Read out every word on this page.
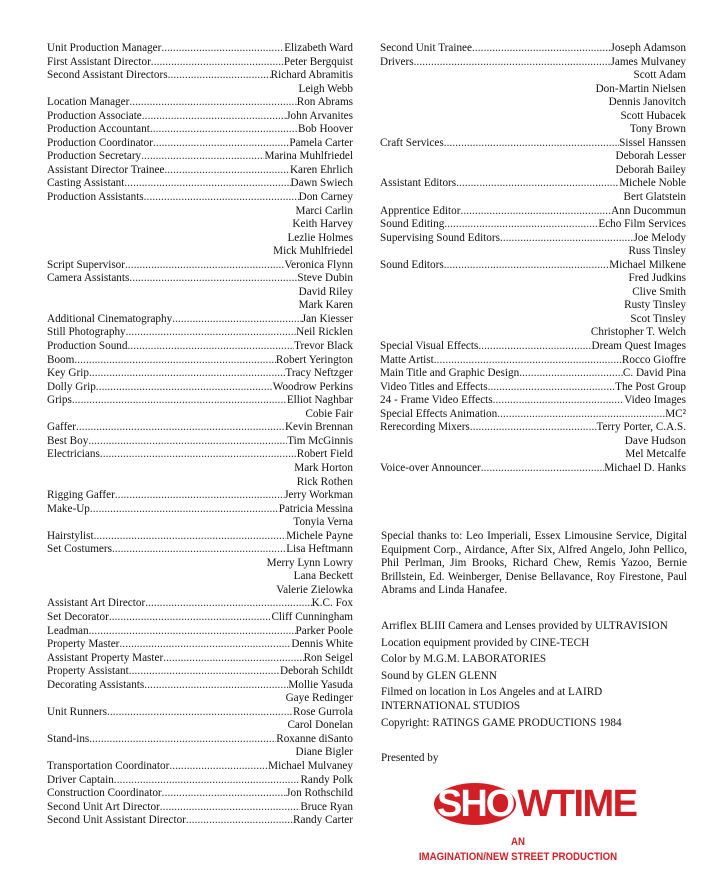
Unit Production Manager .....	Elizabeth Ward
First Assistant Director .....	Peter Bergquist
Second Assistant Directors .....	Richard Abramitis
Leigh Webb
Location Manager .....	Ron Abrams
Production Associate .....	John Arvanites
Production Accountant .....	Bob Hoover
Production Coordinator .....	Pamela Carter
Production Secretary .....	Marina Muhlfriedel
Assistant Director Trainee .....	Karen Ehrlich
Casting Assistant .....	Dawn Swiech
Production Assistants .....	Don Carney
Marci Carlin
Keith Harvey
Lezlie Holmes
Mick Muhlfriedel
Script Supervisor .....	Veronica Flynn
Camera Assistants .....	Steve Dubin
David Riley
Mark Karen
Additional Cinematography .....	Jan Kiesser
Still Photography .....	Neil Ricklen
Production Sound .....	Trevor Black
Boom .....	Robert Yerington
Key Grip .....	Tracy Neftzger
Dolly Grip .....	Woodrow Perkins
Grips .....	Elliot Naghbar
Cobie Fair
Gaffer .....	Kevin Brennan
Best Boy .....	Tim McGinnis
Electricians .....	Robert Field
Mark Horton
Rick Rothen
Rigging Gaffer .....	Jerry Workman
Make-Up .....	Patricia Messina
Tonyia Verna
Hairstylist .....	Michele Payne
Set Costumers .....	Lisa Heftmann
Merry Lynn Lowry
Lana Beckett
Valerie Zielowka
Assistant Art Director .....	K.C. Fox
Set Decorator .....	Cliff Cunningham
Leadman .....	Parker Poole
Property Master .....	Dennis White
Assistant Property Master .....	Ron Seigel
Property Assistant .....	Deborah Schildt
Decorating Assistants .....	Mollie Yasuda
Gaye Redinger
Unit Runners .....	Rose Gurrola
Carol Donelan
Stand-ins .....	Roxanne diSanto
Diane Bigler
Transportation Coordinator .....	Michael Mulvaney
Driver Captain .....	Randy Polk
Construction Coordinator .....	Jon Rothschild
Second Unit Art Director .....	Bruce Ryan
Second Unit Assistant Director .....	Randy Carter
Second Unit Trainee .....	Joseph Adamson
Drivers .....	James Mulvaney
Scott Adam
Don-Martin Nielsen
Dennis Janovitch
Scott Hubacek
Tony Brown
Craft Services .....	Sissel Hanssen
Deborah Lesser
Deborah Bailey
Assistant Editors .....	Michele Noble
Bert Glatstein
Apprentice Editor .....	Ann Ducommun
Sound Editing .....	Echo Film Services
Supervising Sound Editors .....	Joe Melody
Russ Tinsley
Sound Editors .....	Michael Milkene
Fred Judkins
Clive Smith
Rusty Tinsley
Scot Tinsley
Christopher T. Welch
Special Visual Effects .....	Dream Quest Images
Matte Artist .....	Rocco Gioffre
Main Title and Graphic Design .....	C. David Pina
Video Titles and Effects .....	The Post Group
24 - Frame Video Effects .....	Video Images
Special Effects Animation .....	MC²
Rerecording Mixers .....	Terry Porter, C.A.S.
Dave Hudson
Mel Metcalfe
Voice-over Announcer .....	Michael D. Hanks

Special thanks to: Leo Imperiali, Essex Limousine Service, Digital Equipment Corp., Airdance, After Six, Alfred Angelo, John Pellico, Phil Perlman, Jim Brooks, Richard Chew, Remis Yazoo, Bernie Brillstein, Ed. Weinberger, Denise Bellavance, Roy Firestone, Paul Abrams and Linda Hanafee.

Arriflex BLIII Camera and Lenses provided by ULTRAVISION

Location equipment provided by CINE-TECH

Color by M.G.M. LABORATORIES

Sound by GLEN GLENN

Filmed on location in Los Angeles and at LAIRD INTERNATIONAL STUDIOS

Copyright: RATINGS GAME PRODUCTIONS 1984

Presented by
SHO WTIME
AN
IMAGINATION/NEW STREET PRODUCTION
